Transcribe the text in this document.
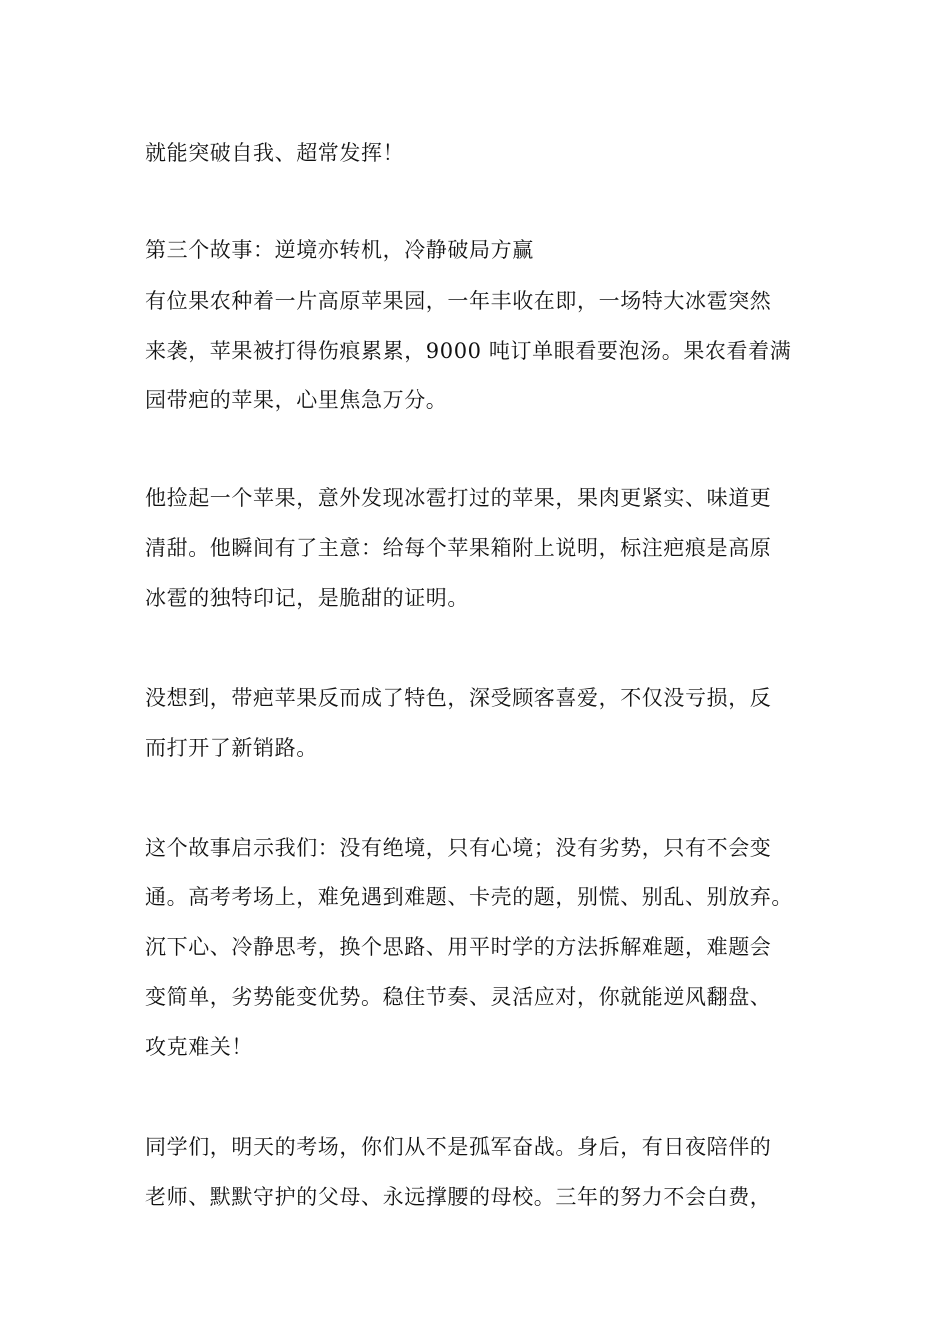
就能突破自我、超常发挥！
第三个故事：逆境亦转机，冷静破局方赢
有位果农种着一片高原苹果园，一年丰收在即，一场特大冰雹突然
来袭，苹果被打得伤痕累累，9000 吨订单眼看要泡汤。果农看着满
园带疤的苹果，心里焦急万分。
他捡起一个苹果，意外发现冰雹打过的苹果，果肉更紧实、味道更
清甜。他瞬间有了主意：给每个苹果箱附上说明，标注疤痕是高原
冰雹的独特印记，是脆甜的证明。
没想到，带疤苹果反而成了特色，深受顾客喜爱，不仅没亏损，反
而打开了新销路。
这个故事启示我们：没有绝境，只有心境；没有劣势，只有不会变
通。高考考场上，难免遇到难题、卡壳的题，别慌、别乱、别放弃。
沉下心、冷静思考，换个思路、用平时学的方法拆解难题，难题会
变简单，劣势能变优势。稳住节奏、灵活应对，你就能逆风翻盘、
攻克难关！
同学们，明天的考场，你们从不是孤军奋战。身后，有日夜陪伴的
老师、默默守护的父母、永远撑腰的母校。三年的努力不会白费，
